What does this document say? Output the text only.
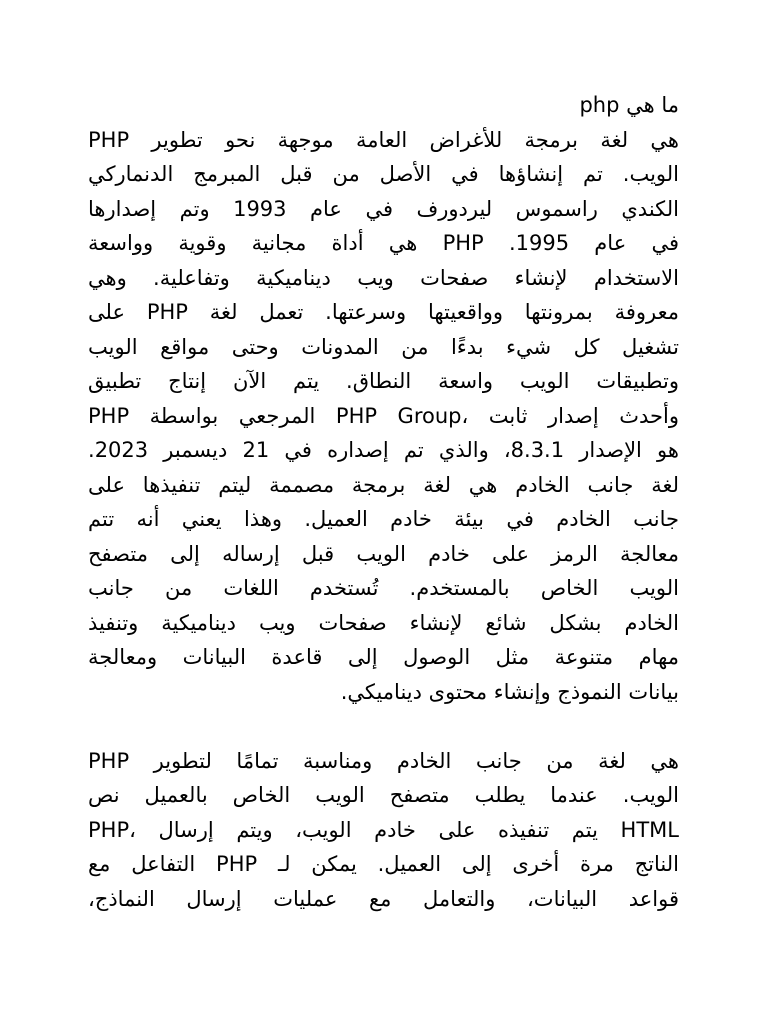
ما هي php
PHP هي لغة برمجة للأغراض العامة موجهة نحو تطوير
الويب. تم إنشاؤها في الأصل من قبل المبرمج الدنماركي
الكندي راسموس ليردورف في عام 1993 وتم إصدارها
في عام 1995. PHP هي أداة مجانية وقوية وواسعة
الاستخدام لإنشاء صفحات ويب ديناميكية وتفاعلية. وهي
معروفة بمرونتها وواقعيتها وسرعتها. تعمل لغة PHP على
تشغيل كل شيء بدءًا من المدونات وحتى مواقع الويب
وتطبيقات الويب واسعة النطاق. يتم الآن إنتاج تطبيق
PHP المرجعي بواسطة PHP Group، وأحدث إصدار ثابت
هو الإصدار 8.3.1، والذي تم إصداره في 21 ديسمبر 2023.
لغة جانب الخادم هي لغة برمجة مصممة ليتم تنفيذها على
جانب الخادم في بيئة خادم العميل. وهذا يعني أنه تتم
معالجة الرمز على خادم الويب قبل إرساله إلى متصفح
الويب الخاص بالمستخدم. تُستخدم اللغات من جانب
الخادم بشكل شائع لإنشاء صفحات ويب ديناميكية وتنفيذ
مهام متنوعة مثل الوصول إلى قاعدة البيانات ومعالجة
بيانات النموذج وإنشاء محتوى ديناميكي.
PHP هي لغة من جانب الخادم ومناسبة تمامًا لتطوير
الويب. عندما يطلب متصفح الويب الخاص بالعميل نص
PHP، يتم تنفيذه على خادم الويب، ويتم إرسال HTML
الناتج مرة أخرى إلى العميل. يمكن لـ PHP التفاعل مع
قواعد البيانات، والتعامل مع عمليات إرسال النماذج،
